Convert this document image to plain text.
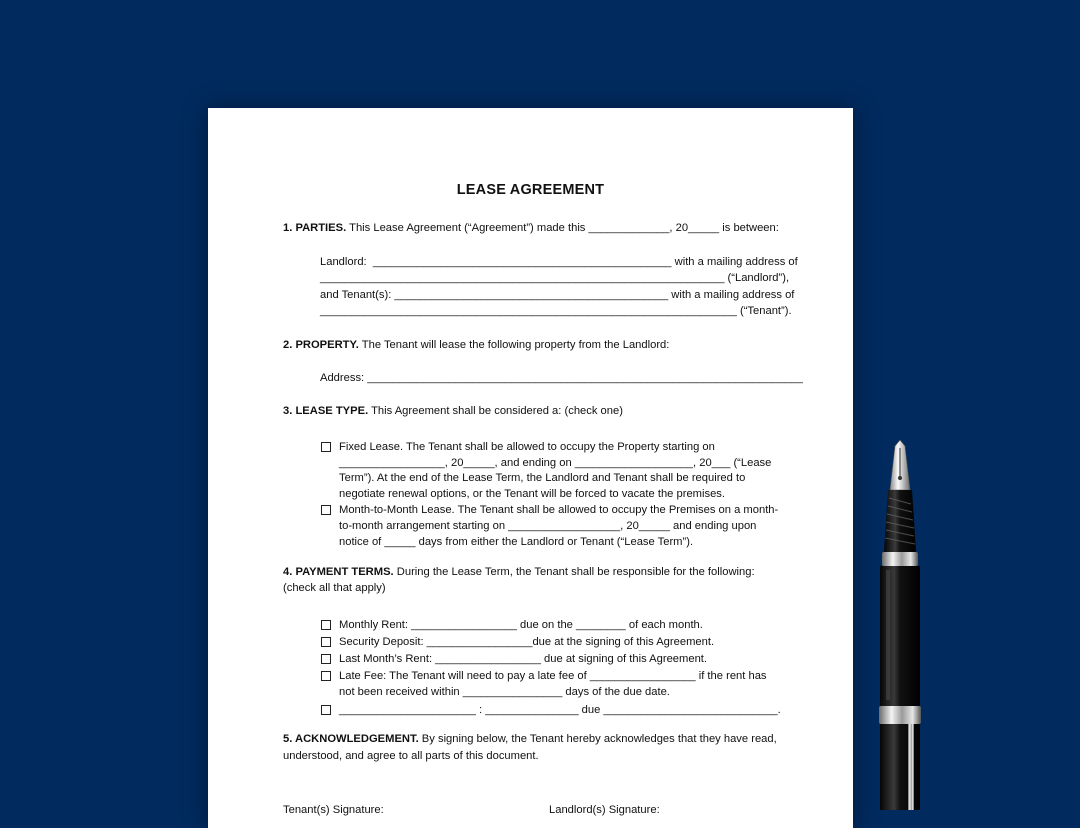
LEASE AGREEMENT
1. PARTIES. This Lease Agreement (“Agreement”) made this _____________, 20_____ is between:
Landlord:  ________________________________________________ with a mailing address of
_________________________________________________________________ (“Landlord”),
and Tenant(s): ____________________________________________ with a mailing address of
___________________________________________________________________ (“Tenant”).
2. PROPERTY. The Tenant will lease the following property from the Landlord:
Address: ______________________________________________________________________
3. LEASE TYPE. This Agreement shall be considered a: (check one)
Fixed Lease. The Tenant shall be allowed to occupy the Property starting on
_________________, 20_____, and ending on ___________________, 20___ (“Lease
Term”). At the end of the Lease Term, the Landlord and Tenant shall be required to
negotiate renewal options, or the Tenant will be forced to vacate the premises.
Month-to-Month Lease. The Tenant shall be allowed to occupy the Premises on a month-
to-month arrangement starting on __________________, 20_____ and ending upon
notice of _____ days from either the Landlord or Tenant (“Lease Term”).
4. PAYMENT TERMS. During the Lease Term, the Tenant shall be responsible for the following:
(check all that apply)
Monthly Rent: _________________ due on the ________ of each month.
Security Deposit: _________________due at the signing of this Agreement.
Last Month’s Rent: _________________ due at signing of this Agreement.
Late Fee: The Tenant will need to pay a late fee of _________________ if the rent has
not been received within ________________ days of the due date.
______________________ : _______________ due ____________________________.
5. ACKNOWLEDGEMENT. By signing below, the Tenant hereby acknowledges that they have read,
understood, and agree to all parts of this document.
Tenant(s) Signature:	Landlord(s) Signature:
